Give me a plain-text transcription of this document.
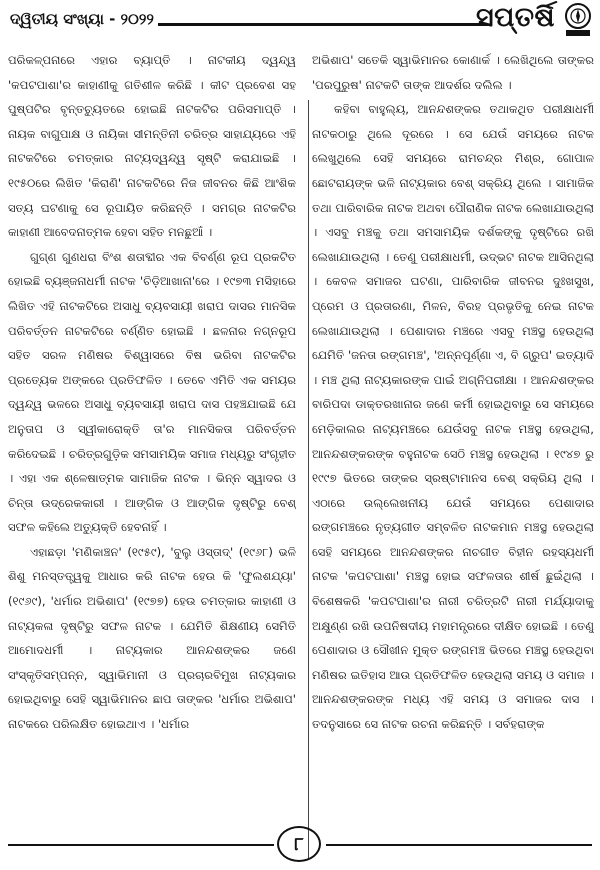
ଦ୍ୱିତୀୟ ସଂଖ୍ୟା - ୨୦୨୨	ସପ୍ତର୍ଷି

ପରିକଳ୍ପନାରେ ଏହାର ବ୍ୟାପ୍ତି । ନାଟକୀୟ ଦ୍ୱନ୍ଦ୍ୱ 'କପଟପାଶା'ର କାହାଣୀକୁ ଗତିଶୀଳ କରିଛି । କୀଟ ପ୍ରବେଶ ସହ ପୁଷ୍ପଟିର ବୃନ୍ତଚ୍ୟୁତରେ ହୋଇଛି ନାଟକଟିର ପରିସମାପ୍ତି । ନାୟକ ବାଗୁପାକ୍ଷ ଓ ନାୟିକା ସୀମନ୍ତିନୀ ଚରିତ୍ର ସାହାଯ୍ୟରେ ଏହି ନାଟକଟିରେ ଚମତ୍କାର ନାଟ୍ୟଦ୍ୱନ୍ଦ୍ୱ ସୃଷ୍ଟି କରାଯାଇଛି । ୧୯୫୦ରେ ଲିଖିତ 'କିରାଣି' ନାଟକଟିରେ ନିଜ ଜୀବନର କିଛି ଆଂଶିକ ସତ୍ୟ ଘଟଣାକୁ ସେ ରୂପାୟିତ କରିଛନ୍ତି । ସମଗ୍ର ନାଟକଟିର କାହାଣୀ ଆବେଦନାତ୍ମକ ହେବା ସହିତ ମନଛୁଆଁ ।

ଗୁଗ୍ଣ ଗୁଣଧରା ବିଂଶ ଶତାବ୍ଦୀର ଏକ ବିବର୍ଣ୍ଣ ରୂପ ପ୍ରକଟିତ ହୋଇଛି ବ୍ୟଞ୍ଜନାଧର୍ମୀ ନାଟକ 'ଚିଡ଼ିଆଖାନା'ରେ । ୧୯୭୩ ମସିହାରେ ଲିଖିତ ଏହି ନାଟକଟିରେ ଅସାଧୁ ବ୍ୟବସାୟୀ ଖରାପ ଦାସର ମାନସିକ ପରିବର୍ତ୍ତନ ନାଟକଟିରେ ବର୍ଣ୍ଣିତ ହୋଇଛି । ଛଳନାର ନଗ୍ନରୂପ ସହିତ ସରଳ ମଣିଷର ବିଶ୍ୱାସରେ ବିଷ ଭରିବା ନାଟକଟିର ପ୍ରତ୍ୟେକ ଅଙ୍କରେ ପ୍ରତିଫଳିତ । ତେବେ ଏମିତି ଏକ ସମୟର ଦ୍ୱନ୍ଦ୍ୱ ଭଳରେ ଅସାଧୁ ବ୍ୟବସାୟୀ ଖରାପ ଦାସ ପହଞ୍ଚଯାଇଛି ଯେ ଅନୁତାପ ଓ ସ୍ୱୀକାରୋକ୍ତି ତା'ର ମାନସିକତା ପରିବର୍ତ୍ତନ କରିଦେଇଛି । ଚରିତ୍ରଗୁଡ଼ିକ ସମସାମୟିକ ସମାଜ ମଧ୍ୟରୁ ସଂଗୃହୀତ । ଏହା ଏକ ଶ୍ଳେଷାତ୍ମକ ସାମାଜିକ ନାଟକ । ଭିନ୍ନ ସ୍ୱାଦର ଓ ଚିନ୍ତା ଉଦ୍ରେକକାରୀ । ଆଙ୍ଗିକ ଓ ଆଙ୍ଗିକ ଦୃଷ୍ଟିରୁ ବେଶ୍ ସଫଳ କହିଲେ ଅତ୍ୟୁକ୍ତି ହେବନାହିଁ ।

ଏହାଛଡ଼ା 'ମଣିକାଞ୍ଚନ' (୧୯୫୯), 'ବୁଲୁ ଓସ୍ତାଦ୍' (୧୯୬୮) ଭଳି ଶିଶୁ ମନସ୍ତତ୍ତ୍ୱକୁ ଆଧାର କରି ନାଟକ ହେଉ କି 'ଫୁଲଶଯ୍ୟା' (୧୯୬୯), 'ଧର୍ମାର ଅଭିଶାପ' (୧୯୭୭) ହେଉ ଚମତ୍କାର କାହାଣୀ ଓ ନାଟ୍ୟକଳା ଦୃଷ୍ଟିରୁ ସଫଳ ନାଟକ । ଯେମିତି ଶିକ୍ଷଣୀୟ ସେମିତି ଆମୋଦଧର୍ମୀ । ନାଟ୍ୟକାର ଆନନ୍ଦଶଙ୍କର ଜଣେ ସଂସ୍କୃତିସମ୍ପନ୍ନ, ସ୍ୱାଭିମାନୀ ଓ ପ୍ରଚାରବିମୁଖ ନାଟ୍ୟକାର ହୋଇଥିବାରୁ ସେହି ସ୍ୱାଭିମାନର ଛାପ ତାଙ୍କର 'ଧର୍ମାର ଅଭିଶାପ' ନାଟକରେ ପରିଲକ୍ଷିତ ହୋଇଥାଏ । 'ଧର୍ମାର

ଅଭିଶାପ' ସତେକି ସ୍ୱାଭିମାନର କୋଣାର୍କ । ଲେଖିଥିଲେ ତାଙ୍କର 'ପରପୁରୁଷ' ନାଟକଟି ତାଙ୍କ ଆଦର୍ଶର ଦଲିଲ ।

କହିବା ବାହୁଲ୍ୟ, ଆନନ୍ଦଶଙ୍କର ତଥାକଥିତ ପରୀକ୍ଷାଧର୍ମୀ ନାଟକଠାରୁ ଥିଲେ ଦୂରରେ । ସେ ଯେଉଁ ସମୟରେ ନାଟକ ଲେଖୁଥିଲେ ସେହି ସମୟରେ ରାମଚନ୍ଦ୍ର ମିଶ୍ର, ଗୋପାଳ ଛୋଟରାୟଙ୍କ ଭଳି ନାଟ୍ୟକାର ବେଶ୍ ସକ୍ରିୟ ଥିଲେ । ସାମାଜିକ ତଥା ପାରିବାରିକ ନାଟକ ଅଥବା ପୌରାଣିକ ନାଟକ ଲେଖାଯାଉଥିଲା । ଏସବୁ ମଞ୍ଚକୁ ତଥା ସମସାମୟିକ ଦର୍ଶକଙ୍କୁ ଦୃଷ୍ଟିରେ ରଖି ଲେଖାଯାଉଥିଲା । ତେଣୁ ପରୀକ୍ଷାଧର୍ମୀ, ଉଦ୍ଭଟ ନାଟକ ଆସିନଥିଲା । କେବଳ ସମାଜର ଘଟଣା, ପାରିବାରିକ ଜୀବନର ଦୁଃଖସୁଖ, ପ୍ରେମ ଓ ପ୍ରତାରଣା, ମିଳନ, ବିରହ ପ୍ରଭୃତିକୁ ନେଇ ନାଟକ ଲେଖାଯାଉଥିଲା । ପେଶାଦାର ମଞ୍ଚରେ ଏସବୁ ମଞ୍ଚସ୍ଥ ହେଉଥିଲା ଯେମିତି 'ଜନତା ରଙ୍ଗମଞ୍ଚ', 'ଅନ୍ନପୂର୍ଣ୍ଣା ଏ, ବି ଗ୍ରୁପ' ଇତ୍ୟାଦି । ମଞ୍ଚ ଥିଲା ନାଟ୍ୟକାରଙ୍କ ପାଇଁ ଅଗ୍ନିପରୀକ୍ଷା । ଆନନ୍ଦଶଙ୍କର ବାରିପଦା ଡାକ୍ତରଖାନାର ଜଣେ କର୍ମୀ ହୋଇଥିବାରୁ ସେ ସମୟରେ ମେଡ଼ିକାଲର ନାଟ୍ୟମଞ୍ଚରେ ଯେଉଁସବୁ ନାଟକ ମଞ୍ଚସ୍ଥ ହେଉଥିଲା, ଆନନ୍ଦଶଙ୍କରଙ୍କ ବହୁନାଟକ ସେଠି ମଞ୍ଚସ୍ଥ ହେଉଥିଲା । ୧୯୪୭ ରୁ ୧୯୯୭ ଭିତରେ ତାଙ୍କର ସ୍ରଷ୍ଟାମାନସ ବେଶ୍ ସକ୍ରିୟ ଥିଲା । ଏଠାରେ ଉଲ୍ଲେଖନୀୟ ଯେଉଁ ସମୟରେ ପେଶାଦାର ରଙ୍ଗମଞ୍ଚରେ ନୃତ୍ୟଗୀତ ସମ୍ବଳିତ ନାଟକମାନ ମଞ୍ଚସ୍ଥ ହେଉଥିଲା ସେହି ସମୟରେ ଆନନ୍ଦଶଙ୍କର ନାଚଗୀତ ବିହୀନ ରହସ୍ୟଧର୍ମୀ ନାଟକ 'କପଟପାଶା' ମଞ୍ଚସ୍ଥ ହୋଇ ସଫଳତାର ଶୀର୍ଷ ଛୁଇଁଥିଲା । ବିଶେଷକରି 'କପଟପାଶା'ର ନାରୀ ଚରିତ୍ରଟି ନାରୀ ମର୍ଯ୍ୟାଦାକୁ ଅକ୍ଷୁଣ୍ଣ ରଖି ଉପନିଷଦୀୟ ମହାମନ୍ତ୍ରରେ ଦୀକ୍ଷିତ ହୋଇଛି । ତେଣୁ ପେଶାଦାର ଓ ସୌଖୀନ ମୁକ୍ତ ରଙ୍ଗମଞ୍ଚ ଭିତରେ ମଞ୍ଚସ୍ଥ ହେଉଥିବା ମଣିଷର ଇତିହାସ ଆଉ ପ୍ରତିଫଳିତ ହେଉଥିଲା ସମୟ ଓ ସମାଜ । ଆନନ୍ଦଶଙ୍କରଙ୍କ ମଧ୍ୟ ଏହି ସମୟ ଓ ସମାଜର ଦାସ । ତଦନୁସାରେ ସେ ନାଟକ ରଚନା କରିଛନ୍ତି । ସର୍ବହରାଙ୍କ

୮
